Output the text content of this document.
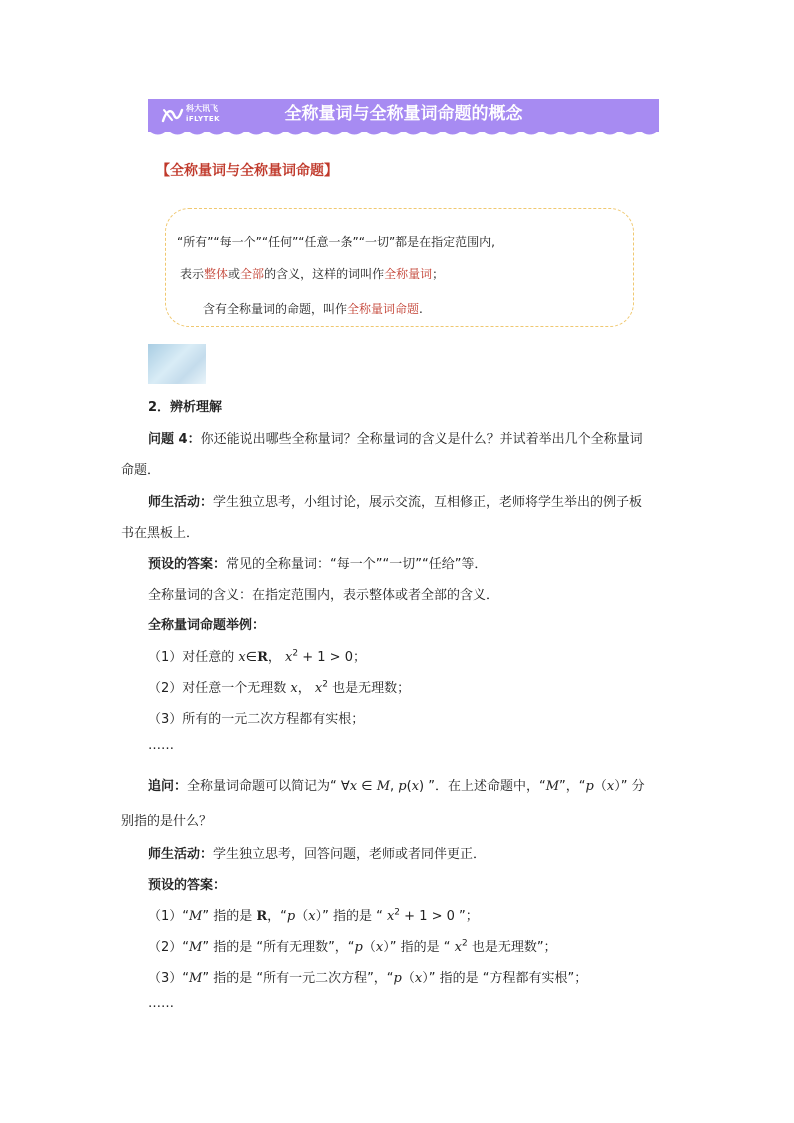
科大讯飞
iFLYTEK	全称量词与全称量词命题的概念
【全称量词与全称量词命题】
“所有”“每一个”“任何”“任意一条”“一切”都是在指定范围内,
表示整体或全部的含义，这样的词叫作全称量词；
含有全称量词的命题，叫作全称量词命题.
2．辨析理解
问题 4：你还能说出哪些全称量词？全称量词的含义是什么？并试着举出几个全称量词
命题．
师生活动：学生独立思考，小组讨论，展示交流，互相修正，老师将学生举出的例子板
书在黑板上．
预设的答案：常见的全称量词：“每一个”“一切”“任给”等．
全称量词的含义：在指定范围内，表示整体或者全部的含义．
全称量词命题举例：
（1）对任意的 x∈R， $x^2 + 1 > 0$；
（2）对任意一个无理数 x， $x^2$ 也是无理数；
（3）所有的一元二次方程都有实根；
……
追问：全称量词命题可以简记为“ ∀x ∈ M, p(x) ”．在上述命题中，“M”，“p（x）” 分
别指的是什么？
师生活动：学生独立思考，回答问题，老师或者同伴更正．
预设的答案：
（1）“M” 指的是 R，“p（x）” 指的是 “ $x^2 + 1 > 0$ ”；
（2）“M” 指的是 “所有无理数”，“p（x）” 指的是 “ $x^2$ 也是无理数”；
（3）“M” 指的是 “所有一元二次方程”，“p（x）” 指的是 “方程都有实根”；
……
